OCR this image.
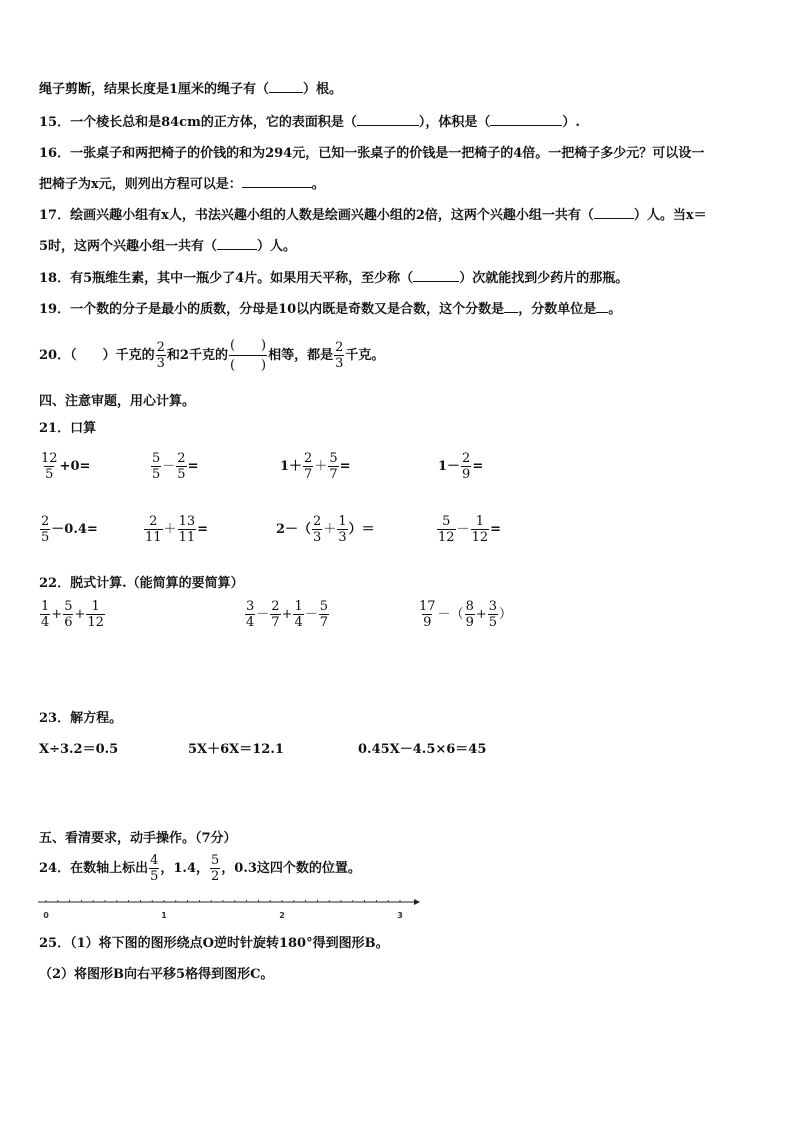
绳子剪断，结果长度是1厘米的绳子有（	）根。
15．一个棱长总和是84cm的正方体，它的表面积是（	），体积是（	）.
16．一张桌子和两把椅子的价钱的和为294元，已知一张桌子的价钱是一把椅子的4倍。一把椅子多少元？可以设一
把椅子为x元，则列出方程可以是：	。
17．绘画兴趣小组有x人，书法兴趣小组的人数是绘画兴趣小组的2倍，这两个兴趣小组一共有（	）人。当x＝
5时，这两个兴趣小组一共有（	）人。
18．有5瓶维生素，其中一瓶少了4片。如果用天平称，至少称（	）次就能找到少药片的那瓶。
19．一个数的分子是最小的质数，分母是10以内既是奇数又是合数，这个分数是 ，分数单位是 。
20．（　　）千克的 $\frac{2}{3}$ 和2千克的 $\frac{( )}{( )}$ 相等，都是 $\frac{2}{3}$ 千克。
四、注意审题，用心计算。
21．口算
$\frac{12}{5} +0=$	$\frac{5}{5} - \frac{2}{5}$ =	$1+ \frac{2}{7} + \frac{5}{7}$ =	$1- \frac{2}{9}$ =
$\frac{2}{5} -0.4=$	$\frac{2}{11} + \frac{13}{11}$ =	$2-( \frac{2}{3} + \frac{1}{3}$ ）＝	$\frac{5}{12} - \frac{1}{12}$ =
22．脱式计算.（能简算的要简算）
$\frac{1}{4} + \frac{5}{6} + \frac{1}{12}$	$\frac{3}{4} - \frac{2}{7} + \frac{1}{4} - \frac{5}{7}$	$\frac{17}{9}$ －（ $\frac{8}{9} + \frac{3}{5}$ ）
23．解方程。
X÷3.2＝0.5	5X＋6X＝12.1	0.45X－4.5×6＝45
五、看清要求，动手操作。（7分）
24．在数轴上标出 $\frac{4}{5}$ ，1.4， $\frac{5}{2}$ ，0.3这四个数的位置。
0	1	2	3
25．（1）将下图的图形绕点O逆时针旋转180°得到图形B。
（2）将图形B向右平移5格得到图形C。
